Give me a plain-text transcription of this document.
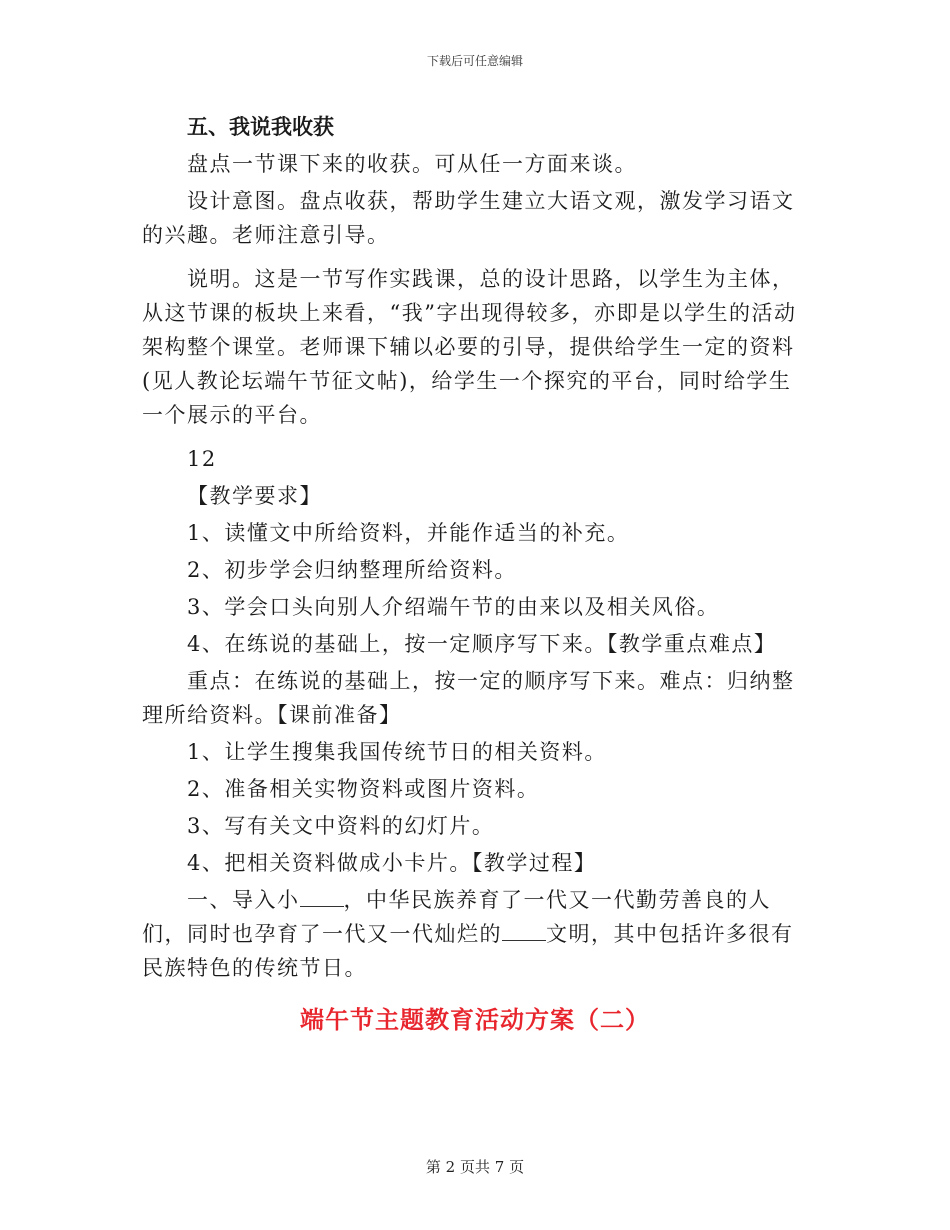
下载后可任意编辑

五、我说我收获

盘点一节课下来的收获。可从任一方面来谈。

设计意图。盘点收获，帮助学生建立大语文观，激发学习语文的兴趣。老师注意引导。

说明。这是一节写作实践课，总的设计思路，以学生为主体，从这节课的板块上来看，“我”字出现得较多，亦即是以学生的活动架构整个课堂。老师课下辅以必要的引导，提供给学生一定的资料(见人教论坛端午节征文帖)，给学生一个探究的平台，同时给学生一个展示的平台。

12

【教学要求】

1、读懂文中所给资料，并能作适当的补充。

2、初步学会归纳整理所给资料。

3、学会口头向别人介绍端午节的由来以及相关风俗。

4、在练说的基础上，按一定顺序写下来。【教学重点难点】

重点：在练说的基础上，按一定的顺序写下来。难点：归纳整理所给资料。【课前准备】

1、让学生搜集我国传统节日的相关资料。

2、准备相关实物资料或图片资料。

3、写有关文中资料的幻灯片。

4、把相关资料做成小卡片。【教学过程】

一、导入小 ，中华民族养育了一代又一代勤劳善良的人们，同时也孕育了一代又一代灿烂的 文明，其中包括许多很有民族特色的传统节日。

端午节主题教育活动方案（二）
第 2 页共 7 页
